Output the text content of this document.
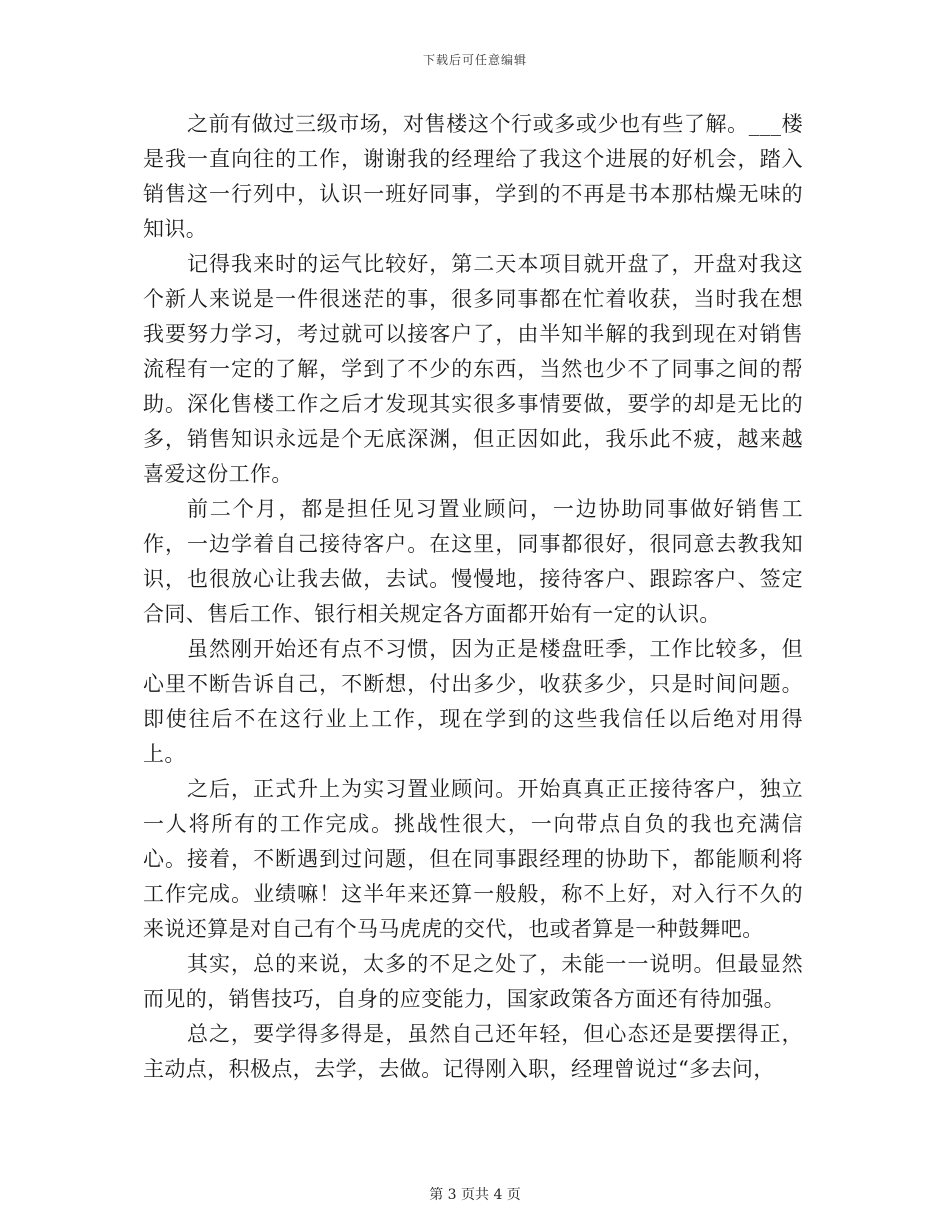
下载后可任意编辑

之前有做过三级市场，对售楼这个行或多或少也有些了解。___楼是我一直向往的工作，谢谢我的经理给了我这个进展的好机会，踏入销售这一行列中，认识一班好同事，学到的不再是书本那枯燥无味的知识。

记得我来时的运气比较好，第二天本项目就开盘了，开盘对我这个新人来说是一件很迷茫的事，很多同事都在忙着收获，当时我在想我要努力学习，考过就可以接客户了，由半知半解的我到现在对销售流程有一定的了解，学到了不少的东西，当然也少不了同事之间的帮助。深化售楼工作之后才发现其实很多事情要做，要学的却是无比的多，销售知识永远是个无底深渊，但正因如此，我乐此不疲，越来越喜爱这份工作。

前二个月，都是担任见习置业顾问，一边协助同事做好销售工作，一边学着自己接待客户。在这里，同事都很好，很同意去教我知识，也很放心让我去做，去试。慢慢地，接待客户、跟踪客户、签定合同、售后工作、银行相关规定各方面都开始有一定的认识。

虽然刚开始还有点不习惯，因为正是楼盘旺季，工作比较多，但心里不断告诉自己，不断想，付出多少，收获多少，只是时间问题。即使往后不在这行业上工作，现在学到的这些我信任以后绝对用得上。

之后，正式升上为实习置业顾问。开始真真正正接待客户，独立一人将所有的工作完成。挑战性很大，一向带点自负的我也充满信心。接着，不断遇到过问题，但在同事跟经理的协助下，都能顺利将工作完成。业绩嘛！这半年来还算一般般，称不上好，对入行不久的来说还算是对自己有个马马虎虎的交代，也或者算是一种鼓舞吧。

其实，总的来说，太多的不足之处了，未能一一说明。但最显然而见的，销售技巧，自身的应变能力，国家政策各方面还有待加强。

总之，要学得多得是，虽然自己还年轻，但心态还是要摆得正，主动点，积极点，去学，去做。记得刚入职，经理曾说过“多去问，

第 3 页共 4 页
